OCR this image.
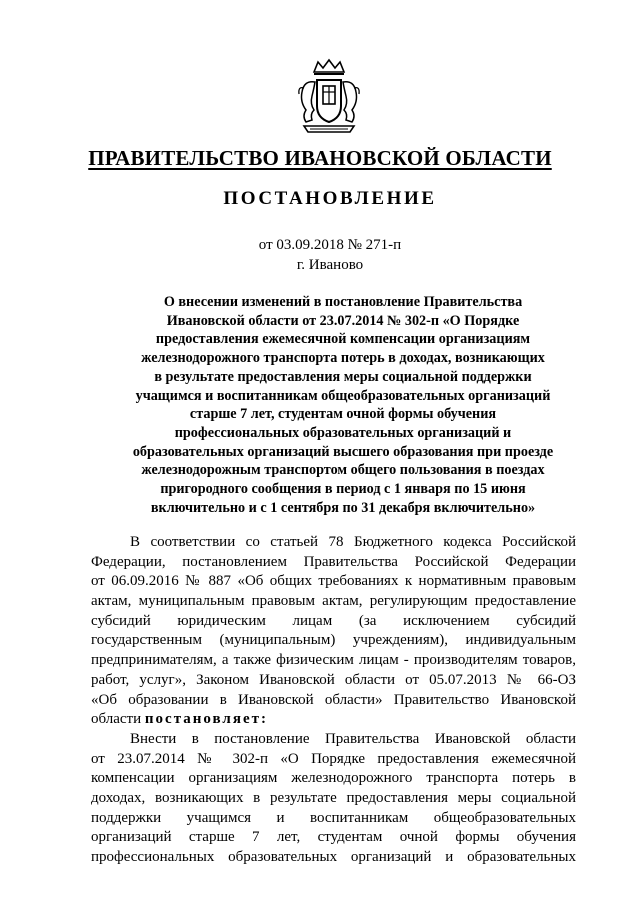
ПРАВИТЕЛЬСТВО ИВАНОВСКОЙ ОБЛАСТИ
ПОСТАНОВЛЕНИЕ
от 03.09.2018 № 271-п
г. Иваново
О внесении изменений в постановление Правительства
Ивановской области от 23.07.2014 № 302-п «О Порядке
предоставления ежемесячной компенсации организациям
железнодорожного транспорта потерь в доходах, возникающих
в результате предоставления меры социальной поддержки
учащимся и воспитанникам общеобразовательных организаций
старше 7 лет, студентам очной формы обучения
профессиональных образовательных организаций и
образовательных организаций высшего образования при проезде
железнодорожным транспортом общего пользования в поездах
пригородного сообщения в период с 1 января по 15 июня
включительно и с 1 сентября по 31 декабря включительно»
В соответствии со статьей 78 Бюджетного кодекса Российской
Федерации, постановлением Правительства Российской Федерации
от 06.09.2016 № 887 «Об общих требованиях к нормативным правовым
актам, муниципальным правовым актам, регулирующим предоставление
субсидий юридическим лицам (за исключением субсидий
государственным (муниципальным) учреждениям), индивидуальным
предпринимателям, а также физическим лицам - производителям товаров,
работ, услуг», Законом Ивановской области от 05.07.2013 № 66-ОЗ
«Об образовании в Ивановской области» Правительство Ивановской
области постановляет:
Внести в постановление Правительства Ивановской области
от 23.07.2014 № 302-п «О Порядке предоставления ежемесячной
компенсации организациям железнодорожного транспорта потерь в
доходах, возникающих в результате предоставления меры социальной
поддержки учащимся и воспитанникам общеобразовательных
организаций старше 7 лет, студентам очной формы обучения
профессиональных образовательных организаций и образовательных
